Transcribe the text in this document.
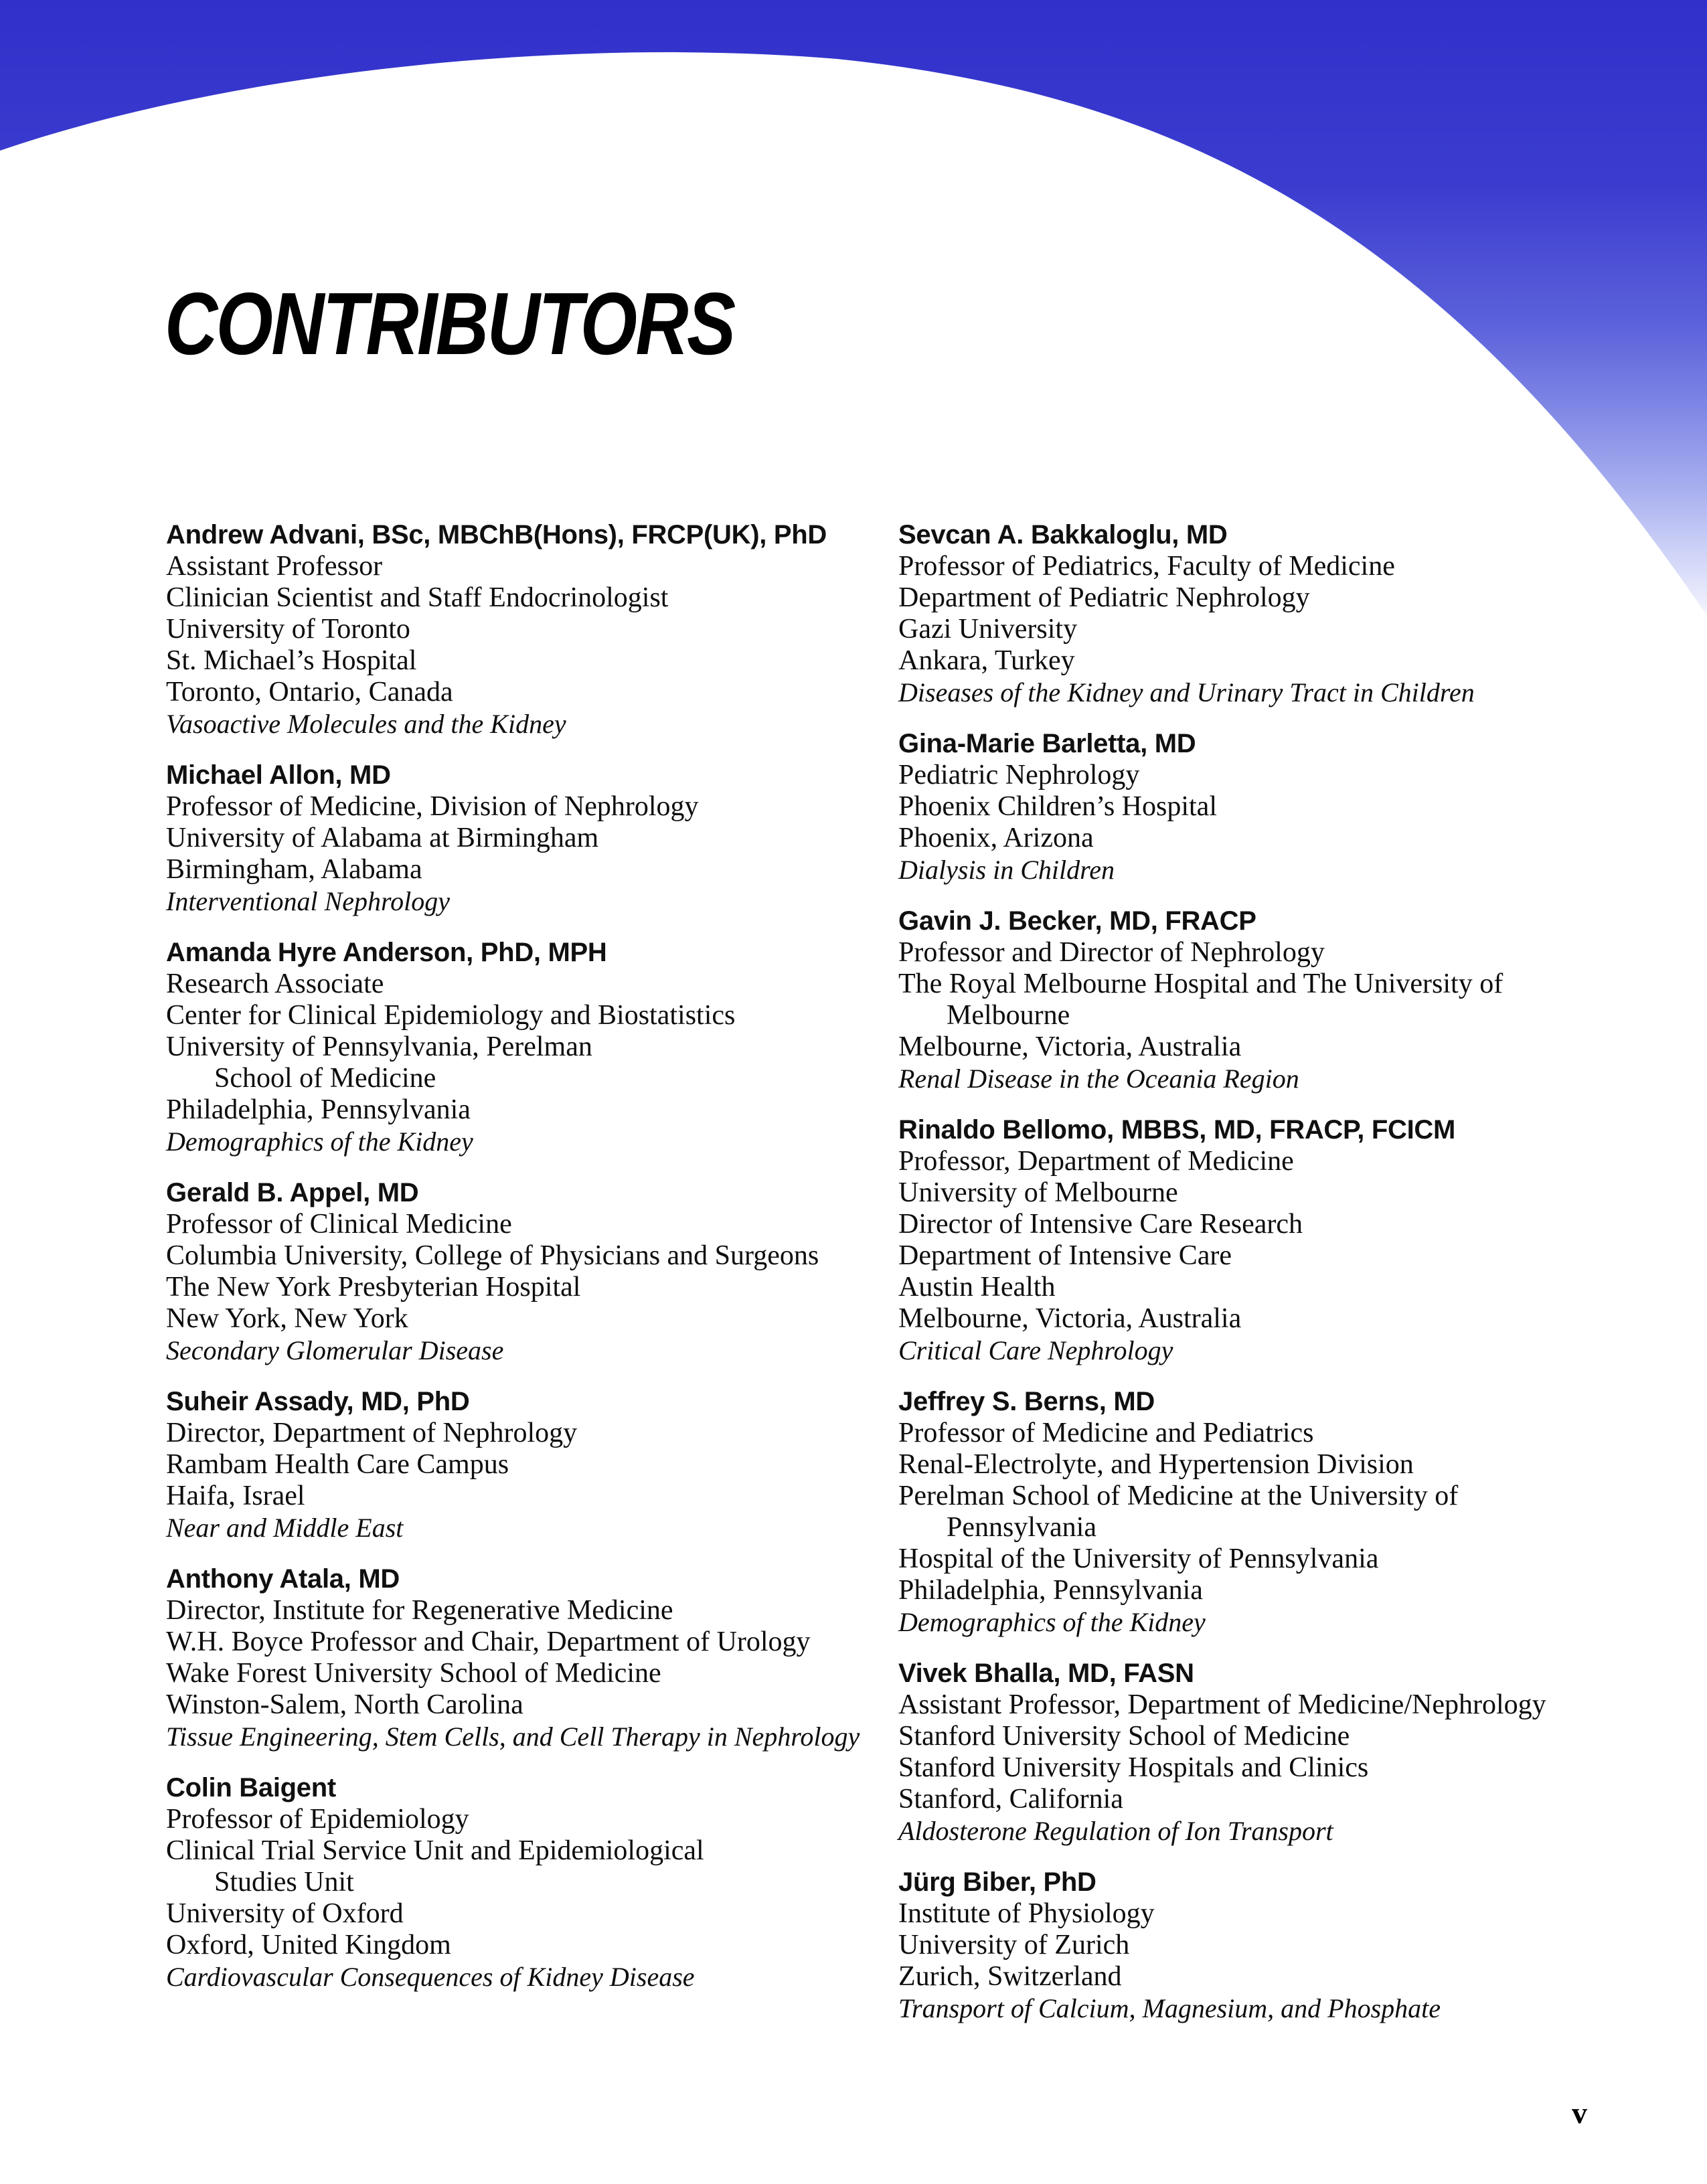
CONTRIBUTORS
Andrew Advani, BSc, MBChB(Hons), FRCP(UK), PhD
Assistant Professor
Clinician Scientist and Staff Endocrinologist
University of Toronto
St. Michael’s Hospital
Toronto, Ontario, Canada
Vasoactive Molecules and the Kidney
Michael Allon, MD
Professor of Medicine, Division of Nephrology
University of Alabama at Birmingham
Birmingham, Alabama
Interventional Nephrology
Amanda Hyre Anderson, PhD, MPH
Research Associate
Center for Clinical Epidemiology and Biostatistics
University of Pennsylvania, Perelman
School of Medicine
Philadelphia, Pennsylvania
Demographics of the Kidney
Gerald B. Appel, MD
Professor of Clinical Medicine
Columbia University, College of Physicians and Surgeons
The New York Presbyterian Hospital
New York, New York
Secondary Glomerular Disease
Suheir Assady, MD, PhD
Director, Department of Nephrology
Rambam Health Care Campus
Haifa, Israel
Near and Middle East
Anthony Atala, MD
Director, Institute for Regenerative Medicine
W.H. Boyce Professor and Chair, Department of Urology
Wake Forest University School of Medicine
Winston-Salem, North Carolina
Tissue Engineering, Stem Cells, and Cell Therapy in Nephrology
Colin Baigent
Professor of Epidemiology
Clinical Trial Service Unit and Epidemiological
Studies Unit
University of Oxford
Oxford, United Kingdom
Cardiovascular Consequences of Kidney Disease
Sevcan A. Bakkaloglu, MD
Professor of Pediatrics, Faculty of Medicine
Department of Pediatric Nephrology
Gazi University
Ankara, Turkey
Diseases of the Kidney and Urinary Tract in Children
Gina-Marie Barletta, MD
Pediatric Nephrology
Phoenix Children’s Hospital
Phoenix, Arizona
Dialysis in Children
Gavin J. Becker, MD, FRACP
Professor and Director of Nephrology
The Royal Melbourne Hospital and The University of
Melbourne
Melbourne, Victoria, Australia
Renal Disease in the Oceania Region
Rinaldo Bellomo, MBBS, MD, FRACP, FCICM
Professor, Department of Medicine
University of Melbourne
Director of Intensive Care Research
Department of Intensive Care
Austin Health
Melbourne, Victoria, Australia
Critical Care Nephrology
Jeffrey S. Berns, MD
Professor of Medicine and Pediatrics
Renal-Electrolyte, and Hypertension Division
Perelman School of Medicine at the University of
Pennsylvania
Hospital of the University of Pennsylvania
Philadelphia, Pennsylvania
Demographics of the Kidney
Vivek Bhalla, MD, FASN
Assistant Professor, Department of Medicine/Nephrology
Stanford University School of Medicine
Stanford University Hospitals and Clinics
Stanford, California
Aldosterone Regulation of Ion Transport
Jürg Biber, PhD
Institute of Physiology
University of Zurich
Zurich, Switzerland
Transport of Calcium, Magnesium, and Phosphate
v
